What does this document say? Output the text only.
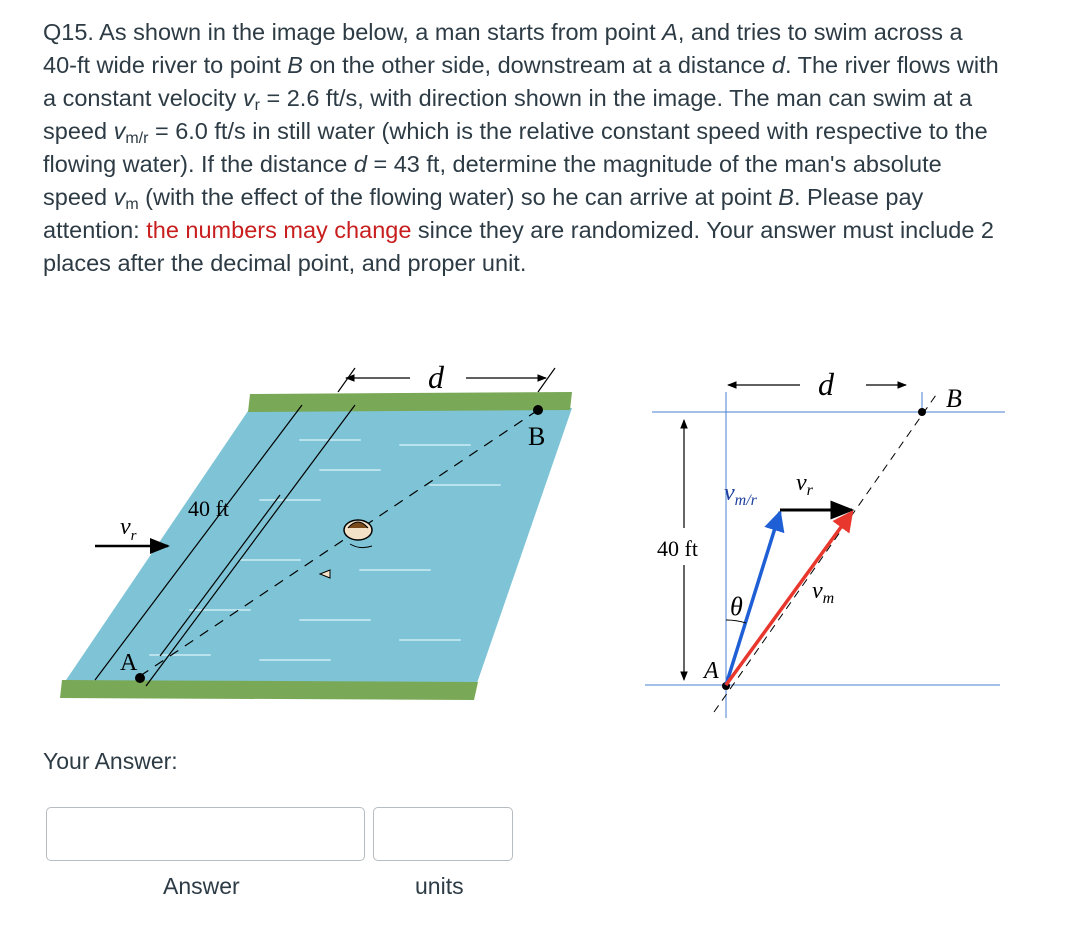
Q15. As shown in the image below, a man starts from point A, and tries to swim across a 40-ft wide river to point B on the other side, downstream at a distance d. The river flows with a constant velocity $v_r = 2.6$ ft/s, with direction shown in the image. The man can swim at a speed $v_{m/r} = 6.0$ ft/s in still water (which is the relative constant speed with respective to the flowing water). If the distance d = 43 ft, determine the magnitude of the man's absolute speed $v_m$ (with the effect of the flowing water) so he can arrive at point B. Please pay attention: the numbers may change since they are randomized. Your answer must include 2 places after the decimal point, and proper unit.

d
B
A
40 ft
$v_r$
d	B
40 ft
A
θ
$v_{m/r}$
$v_r$
$v_m$
Your Answer:
Answer	units
